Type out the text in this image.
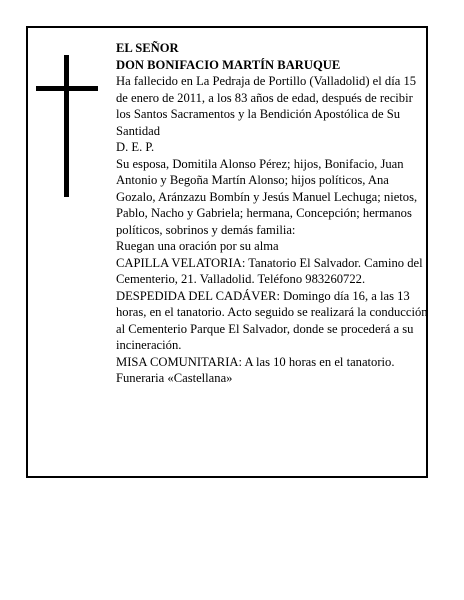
EL SEÑOR

DON BONIFACIO MARTÍN BARUQUE

Ha fallecido en La Pedraja de Portillo (Valladolid) el día 15 de enero de 2011, a los 83 años de edad, después de recibir los Santos Sacramentos y la Bendición Apostólica de Su Santidad

D. E. P.

Su esposa, Domitila Alonso Pérez; hijos, Bonifacio, Juan Antonio y Begoña Martín Alonso; hijos políticos, Ana Gozalo, Aránzazu Bombín y Jesús Manuel Lechuga; nietos, Pablo, Nacho y Gabriela; hermana, Concepción; hermanos políticos, sobrinos y demás familia:

Ruegan una oración por su alma

CAPILLA VELATORIA: Tanatorio El Salvador. Camino del Cementerio, 21. Valladolid. Teléfono 983260722.

DESPEDIDA DEL CADÁVER: Domingo día 16, a las 13 horas, en el tanatorio. Acto seguido se realizará la conducción al Cementerio Parque El Salvador, donde se procederá a su incineración.

MISA COMUNITARIA: A las 10 horas en el tanatorio.

Funeraria «Castellana»
